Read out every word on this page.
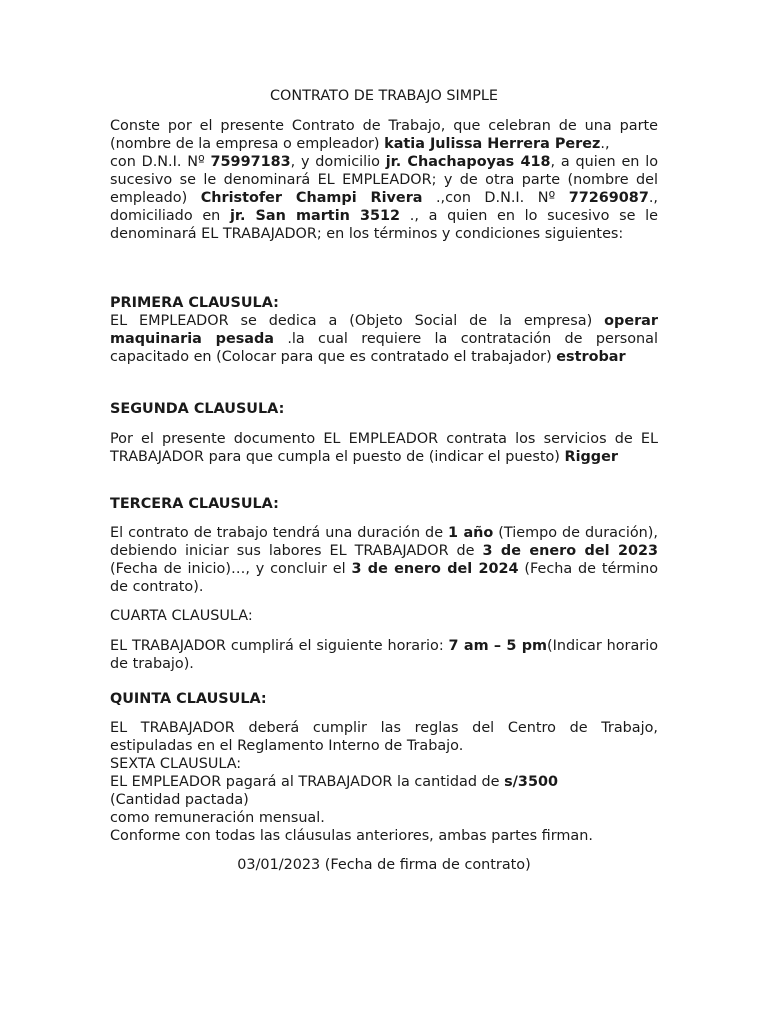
CONTRATO DE TRABAJO SIMPLE

Conste por el presente Contrato de Trabajo, que celebran de una parte (nombre de la empresa o empleador) katia Julissa Herrera Perez.,

con D.N.I. Nº 75997183, y domicilio jr. Chachapoyas 418, a quien en lo sucesivo se le denominará EL EMPLEADOR; y de otra parte (nombre del empleado) Christofer Champi Rivera .,con D.N.I. Nº 77269087., domiciliado en jr. San martin 3512 ., a quien en lo sucesivo se le denominará EL TRABAJADOR; en los términos y condiciones siguientes:

PRIMERA CLAUSULA:

EL EMPLEADOR se dedica a (Objeto Social de la empresa) operar maquinaria pesada .la cual requiere la contratación de personal capacitado en (Colocar para que es contratado el trabajador) estrobar

SEGUNDA CLAUSULA:

Por el presente documento EL EMPLEADOR contrata los servicios de EL TRABAJADOR para que cumpla el puesto de (indicar el puesto) Rigger

TERCERA CLAUSULA:

El contrato de trabajo tendrá una duración de 1 año (Tiempo de duración), debiendo iniciar sus labores EL TRABAJADOR de 3 de enero del 2023 (Fecha de inicio)…, y concluir el 3 de enero del 2024 (Fecha de término de contrato).

CUARTA CLAUSULA:

EL TRABAJADOR cumplirá el siguiente horario: 7 am – 5 pm(Indicar horario de trabajo).

QUINTA CLAUSULA:

EL TRABAJADOR deberá cumplir las reglas del Centro de Trabajo, estipuladas en el Reglamento Interno de Trabajo.

SEXTA CLAUSULA:

EL EMPLEADOR pagará al TRABAJADOR la cantidad de s/3500

(Cantidad pactada)

como remuneración mensual.

Conforme con todas las cláusulas anteriores, ambas partes firman.

03/01/2023 (Fecha de firma de contrato)
